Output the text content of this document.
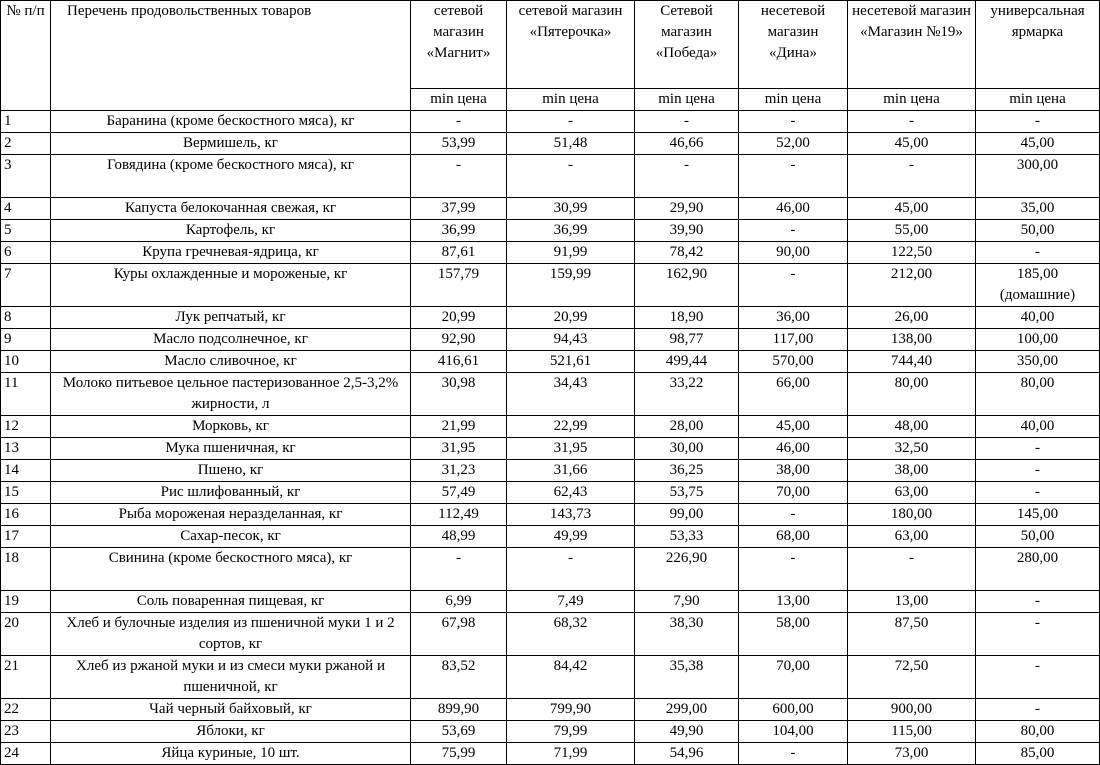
№ п/п	Перечень продовольственных товаров	сетевой магазин «Магнит»	сетевой магазин «Пятерочка»	Сетевой магазин «Победа»	несетевой магазин «Дина»	несетевой магазин «Магазин №19»	универсальная ярмарка
		min цена	min цена	min цена	min цена	min цена	min цена
1	Баранина (кроме бескостного мяса), кг	-	-	-	-	-	-
2	Вермишель, кг	53,99	51,48	46,66	52,00	45,00	45,00
3	Говядина (кроме бескостного мяса), кг	-	-	-	-	-	300,00
4	Капуста белокочанная свежая, кг	37,99	30,99	29,90	46,00	45,00	35,00
5	Картофель, кг	36,99	36,99	39,90	-	55,00	50,00
6	Крупа гречневая-ядрица, кг	87,61	91,99	78,42	90,00	122,50	-
7	Куры охлажденные и мороженые, кг	157,79	159,99	162,90	-	212,00	185,00 (домашние)
8	Лук репчатый, кг	20,99	20,99	18,90	36,00	26,00	40,00
9	Масло подсолнечное, кг	92,90	94,43	98,77	117,00	138,00	100,00
10	Масло сливочное, кг	416,61	521,61	499,44	570,00	744,40	350,00
11	Молоко питьевое цельное пастеризованное 2,5-3,2% жирности, л	30,98	34,43	33,22	66,00	80,00	80,00
12	Морковь, кг	21,99	22,99	28,00	45,00	48,00	40,00
13	Мука пшеничная, кг	31,95	31,95	30,00	46,00	32,50	-
14	Пшено, кг	31,23	31,66	36,25	38,00	38,00	-
15	Рис шлифованный, кг	57,49	62,43	53,75	70,00	63,00	-
16	Рыба мороженая неразделанная, кг	112,49	143,73	99,00	-	180,00	145,00
17	Сахар-песок, кг	48,99	49,99	53,33	68,00	63,00	50,00
18	Свинина (кроме бескостного мяса), кг	-	-	226,90	-	-	280,00
19	Соль поваренная пищевая, кг	6,99	7,49	7,90	13,00	13,00	-
20	Хлеб и булочные изделия из пшеничной муки 1 и 2 сортов, кг	67,98	68,32	38,30	58,00	87,50	-
21	Хлеб из ржаной муки и из смеси муки ржаной и пшеничной, кг	83,52	84,42	35,38	70,00	72,50	-
22	Чай черный байховый, кг	899,90	799,90	299,00	600,00	900,00	-
23	Яблоки, кг	53,69	79,99	49,90	104,00	115,00	80,00
24	Яйца куриные, 10 шт.	75,99	71,99	54,96	-	73,00	85,00
